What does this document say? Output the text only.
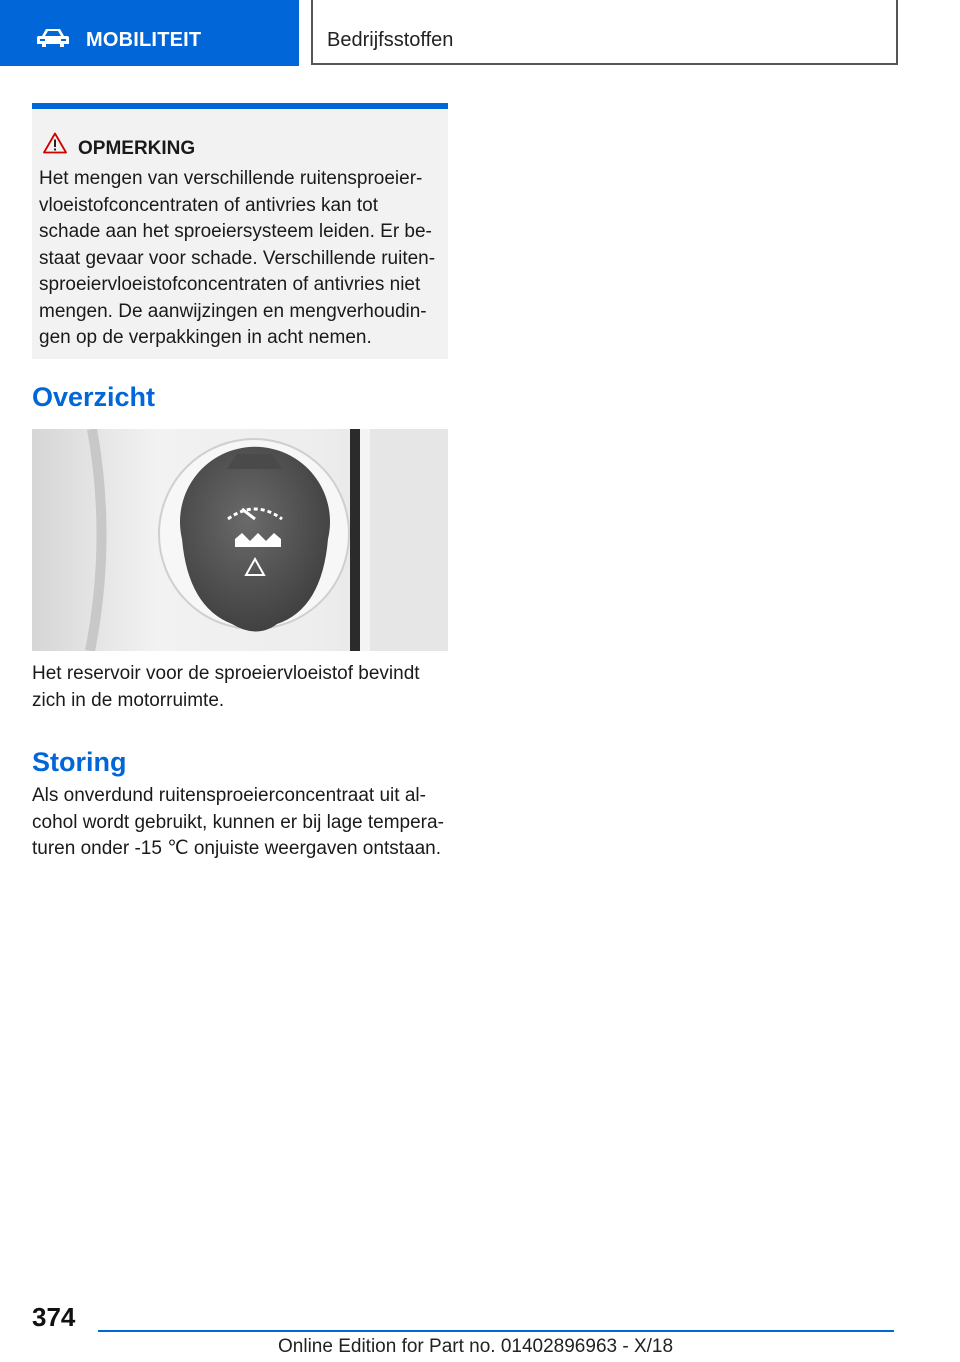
MOBILITEIT	Bedrijfsstoffen
OPMERKING
Het mengen van verschillende ruitensproeier-
vloeistofconcentraten of antivries kan tot
schade aan het sproeiersysteem leiden. Er be-
staat gevaar voor schade. Verschillende ruiten-
sproeiervloeistofconcentraten of antivries niet
mengen. De aanwijzingen en mengverhoudin-
gen op de verpakkingen in acht nemen.
Overzicht
Het reservoir voor de sproeiervloeistof bevindt
zich in de motorruimte.
Storing
Als onverdund ruitensproeierconcentraat uit al-
cohol wordt gebruikt, kunnen er bij lage tempera-
turen onder -15 ℃ onjuiste weergaven ontstaan.
374
Online Edition for Part no. 01402896963 - X/18
